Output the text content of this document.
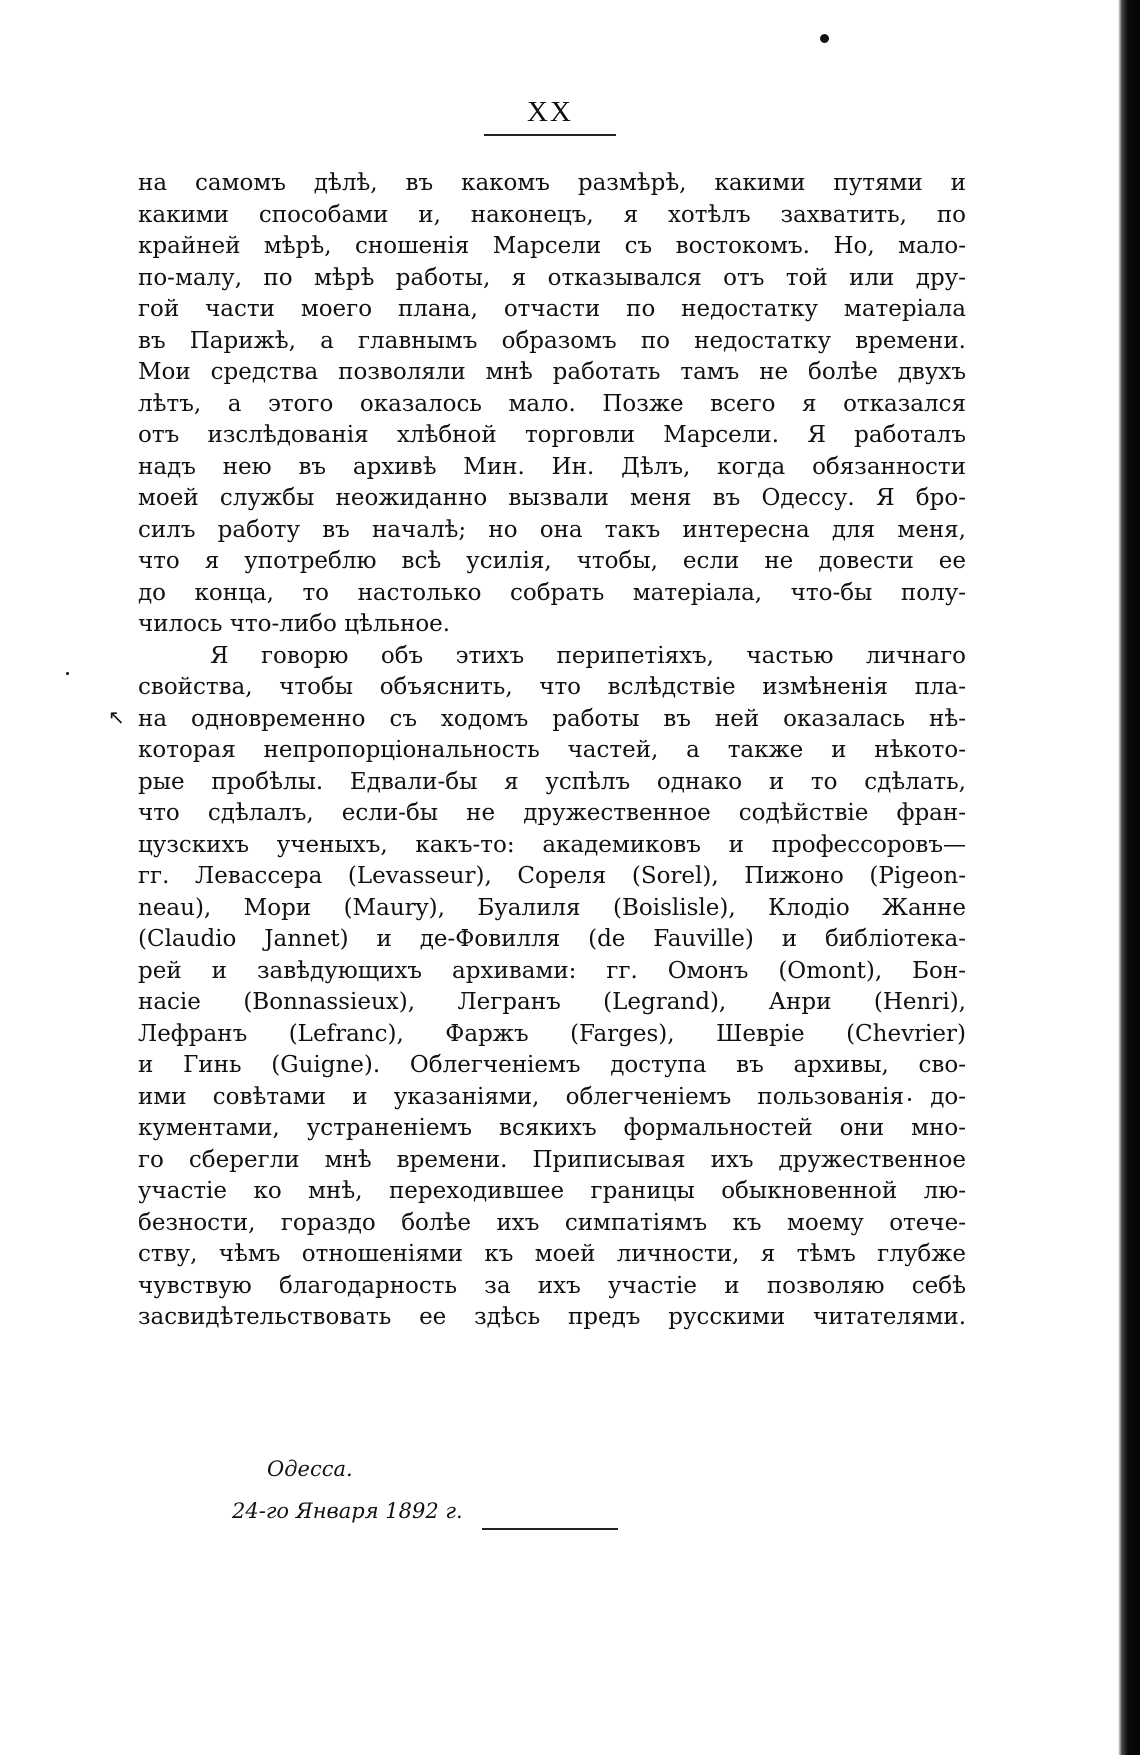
XX
на самомъ дѣлѣ, въ какомъ размѣрѣ, какими путями и
какими способами и, наконецъ, я хотѣлъ захватить, по
крайней мѣрѣ, сношенія Марсели съ востокомъ. Но, мало-
по-малу, по мѣрѣ работы, я отказывался отъ той или дру-
гой части моего плана, отчасти по недостатку матеріала
въ Парижѣ, а главнымъ образомъ по недостатку времени.
Мои средства позволяли мнѣ работать тамъ не болѣе двухъ
лѣтъ, а этого оказалось мало. Позже всего я отказался
отъ изслѣдованія хлѣбной торговли Марсели. Я работалъ
надъ нею въ архивѣ Мин. Ин. Дѣлъ, когда обязанности
моей службы неожиданно вызвали меня въ Одессу. Я бро-
силъ работу въ началѣ; но она такъ интересна для меня,
что я употреблю всѣ усилія, чтобы, если не довести ее
до конца, то настолько собрать матеріала, что-бы полу-
чилось что-либо цѣльное.
Я говорю объ этихъ перипетіяхъ, частью личнаго
свойства, чтобы объяснить, что вслѣдствіе измѣненія пла-
на одновременно съ ходомъ работы въ ней оказалась нѣ-
которая непропорціональность частей, а также и нѣкото-
рые пробѣлы. Едвали-бы я успѣлъ однако и то сдѣлать,
что сдѣлалъ, если-бы не дружественное содѣйствіе фран-
цузскихъ ученыхъ, какъ-то: академиковъ и профессоровъ—
гг. Левассера (Levasseur), Сореля (Sorel), Пижоно (Pigeon-
neau), Мори (Maury), Буалиля (Boislisle), Клодіо Жанне
(Claudio Jannet) и де-Фовилля (de Fauville) и библіотека-
рей и завѣдующихъ архивами: гг. Омонъ (Omont), Бон-
насіе (Bonnassieux), Легранъ (Legrand), Анри (Henri),
Лефранъ (Lefranc), Фаржъ (Farges), Шевріе (Chevrier)
и Гинь (Guigne). Облегченіемъ доступа въ архивы, сво-
ими совѣтами и указаніями, облегченіемъ пользованія до-
кументами, устраненіемъ всякихъ формальностей они мно-
го сберегли мнѣ времени. Приписывая ихъ дружественное
участіе ко мнѣ, переходившее границы обыкновенной лю-
безности, гораздо болѣе ихъ симпатіямъ къ моему отече-
ству, чѣмъ отношеніями къ моей личности, я тѣмъ глубже
чувствую благодарность за ихъ участіе и позволяю себѣ
засвидѣтельствовать ее здѣсь предъ русскими читателями.
↖
Одесса.
24-го Января 1892 г.
